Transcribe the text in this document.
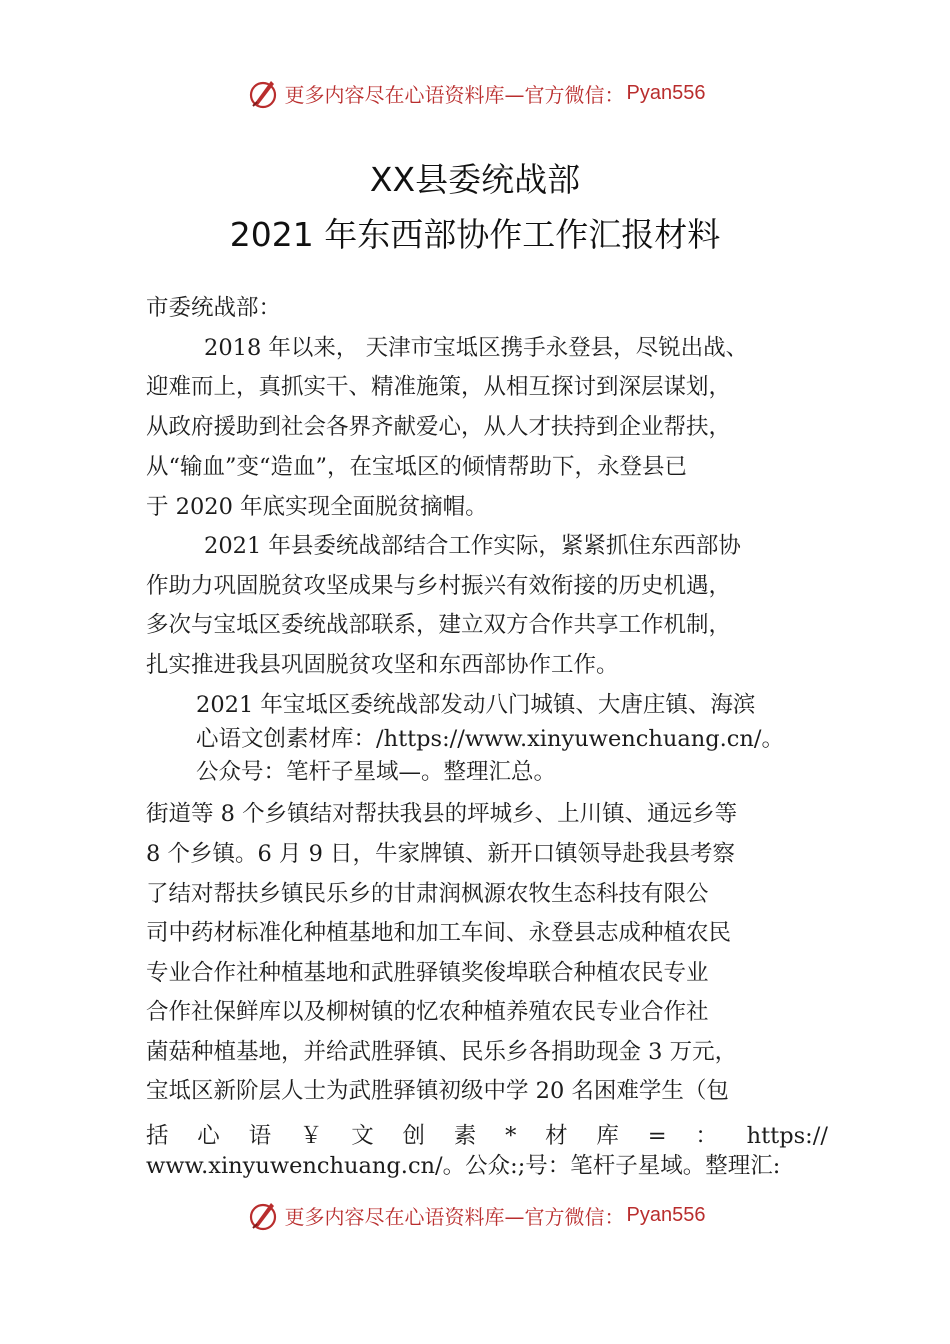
更多内容尽在心语资料库—官方微信： Pyan556
XX县委统战部
2021 年东西部协作工作汇报材料
市委统战部：
2018 年以来， 天津市宝坻区携手永登县，尽锐出战、
迎难而上，真抓实干、精准施策，从相互探讨到深层谋划，
从政府援助到社会各界齐献爱心，从人才扶持到企业帮扶，
从“输血”变“造血”，在宝坻区的倾情帮助下，永登县已
于 2020 年底实现全面脱贫摘帽。
2021 年县委统战部结合工作实际，紧紧抓住东西部协
作助力巩固脱贫攻坚成果与乡村振兴有效衔接的历史机遇，
多次与宝坻区委统战部联系，建立双方合作共享工作机制，
扎实推进我县巩固脱贫攻坚和东西部协作工作。
2021 年宝坻区委统战部发动八门城镇、大唐庄镇、海滨
心语文创素材库：/https://www.xinyuwenchuang.cn/。
公众号：笔杆子星域—。整理汇总。
街道等 8 个乡镇结对帮扶我县的坪城乡、上川镇、通远乡等
8 个乡镇。6 月 9 日，牛家牌镇、新开口镇领导赴我县考察
了结对帮扶乡镇民乐乡的甘肃润枫源农牧生态科技有限公
司中药材标准化种植基地和加工车间、永登县志成种植农民
专业合作社种植基地和武胜驿镇奖俊埠联合种植农民专业
合作社保鲜库以及柳树镇的忆农种植养殖农民专业合作社
菌菇种植基地，并给武胜驿镇、民乐乡各捐助现金 3 万元，
宝坻区新阶层人士为武胜驿镇初级中学 20 名困难学生（包
括 心 语 ￥ 文 创 素 * 材 库 = ： https://
www.xinyuwenchuang.cn/。公众:;号：笔杆子星域。整理汇:
更多内容尽在心语资料库—官方微信： Pyan556
